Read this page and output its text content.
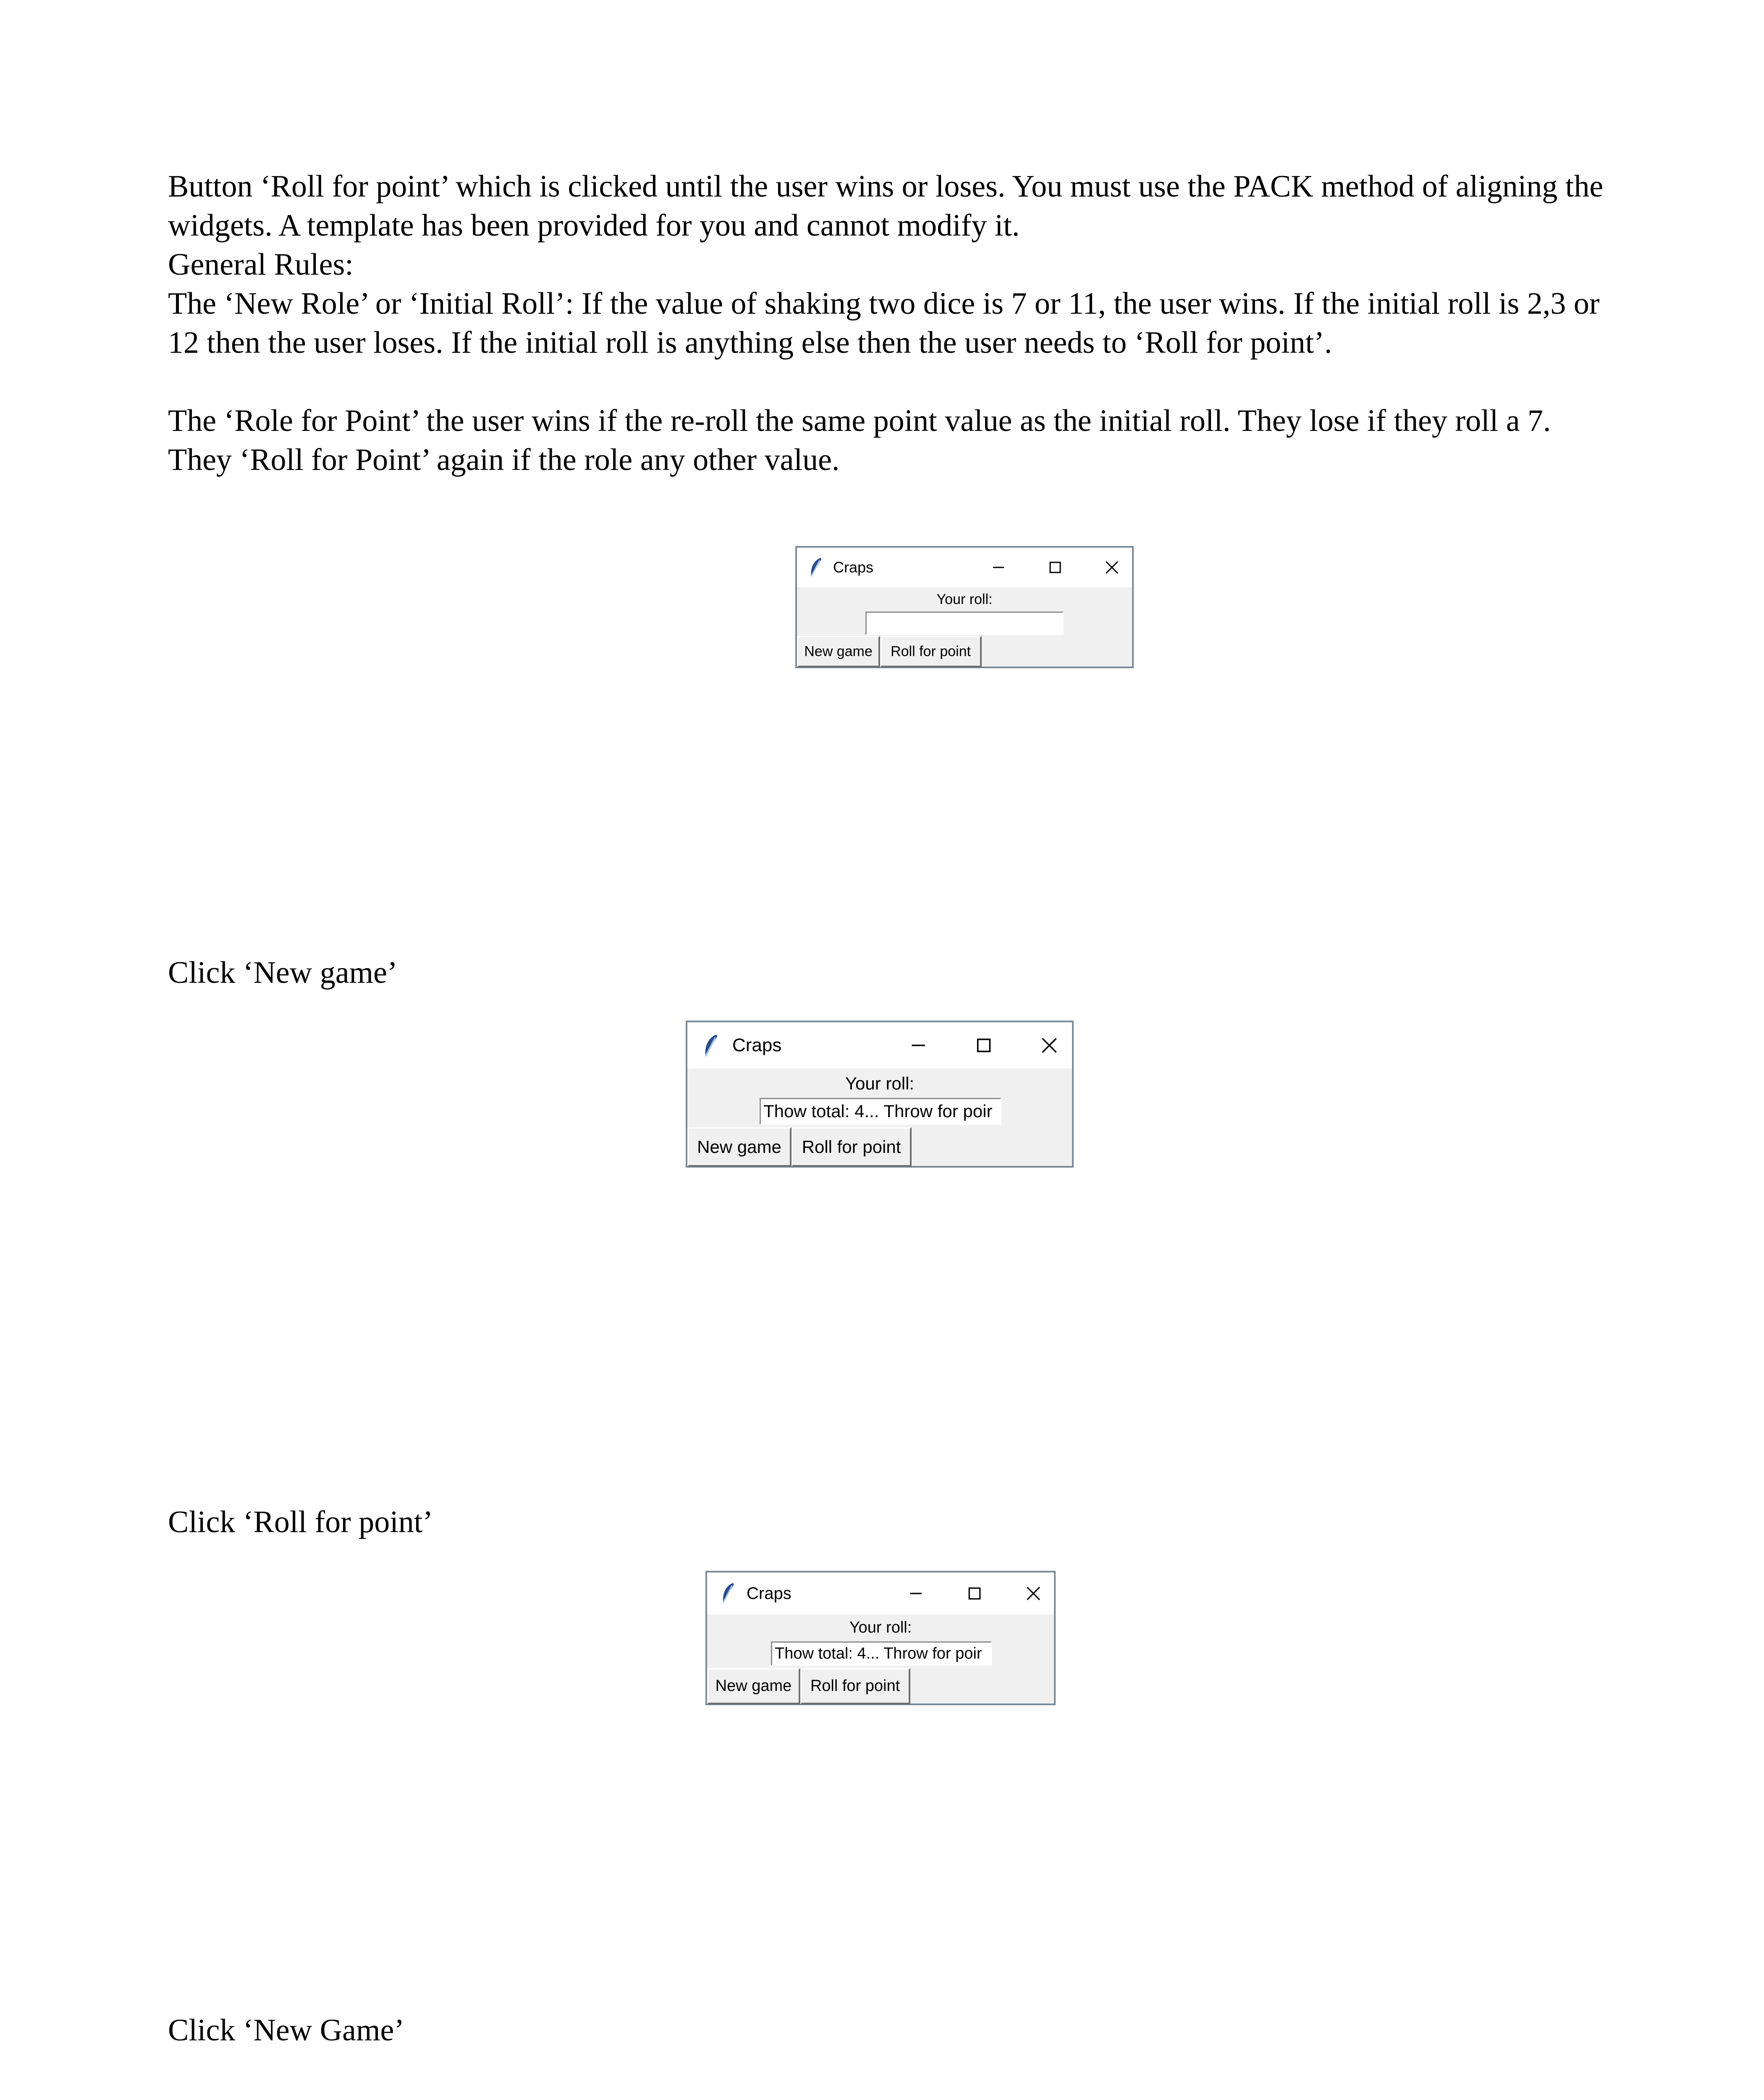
Button ‘Roll for point’ which is clicked until the user wins or loses. You must use the PACK method of aligning the widgets. A template has been provided for you and cannot modify it.

General Rules:

The ‘New Role’ or ‘Initial Roll’: If the value of shaking two dice is 7 or 11, the user wins. If the initial roll is 2,3 or 12 then the user loses. If the initial roll is anything else then the user needs to ‘Roll for point’.

The ‘Role for Point’ the user wins if the re-roll the same point value as the initial roll. They lose if they roll a 7. They ‘Roll for Point’ again if the role any other value.

Craps
Your roll:
New game	Roll for point

Click ‘New game’

Craps
Your roll:
Thow total: 4... Throw for poir
New game	Roll for point

Click ‘Roll for point’

Craps
Your roll:
Thow total: 4... Throw for poir
New game	Roll for point

Click ‘New Game’
